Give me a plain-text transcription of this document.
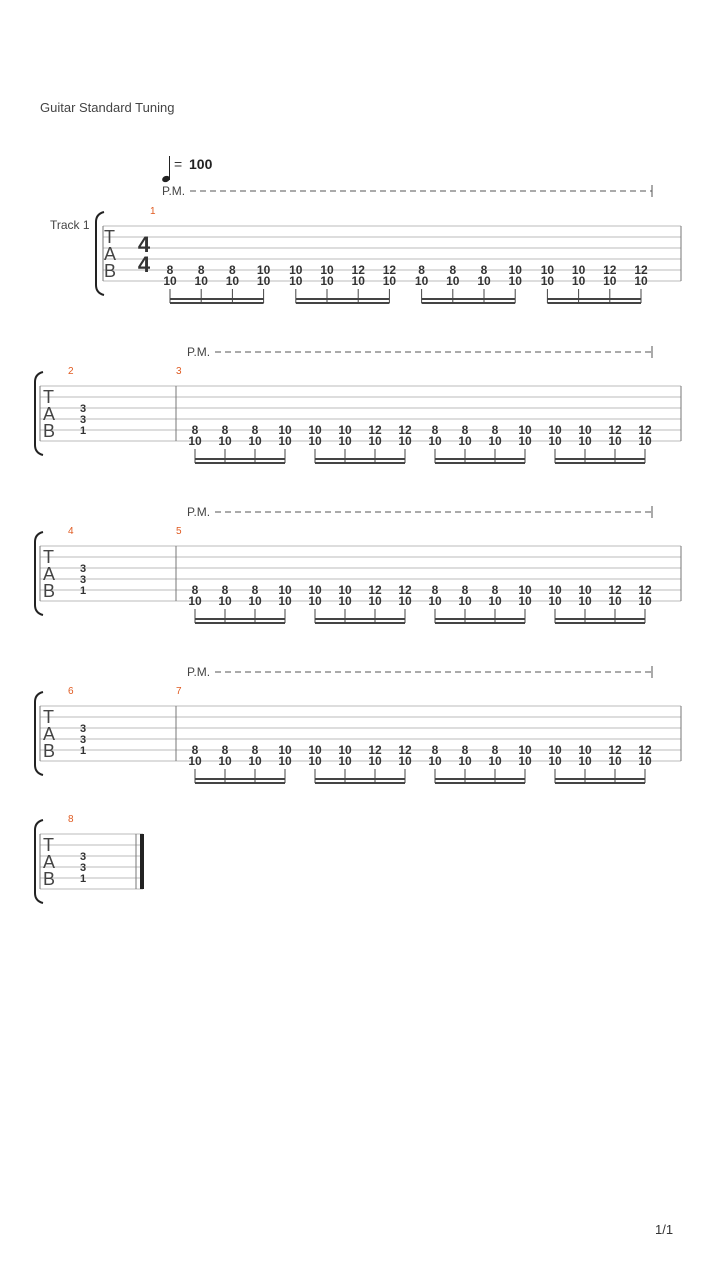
Guitar Standard Tuning
= 100
Track 1
T
A
B
4
4
1
P.M.
8
10
8
10
8
10
10
10
10
10
10
10
12
10
12
10
8
10
8
10
8
10
10
10
10
10
10
10
12
10
12
10
T
A
B
3
3
1
2	3
P.M.
8
10
8
10
8
10
10
10
10
10
10
10
12
10
12
10
8
10
8
10
8
10
10
10
10
10
10
10
12
10
12
10
T
A
B
3
3
1
4	5
P.M.
8
10
8
10
8
10
10
10
10
10
10
10
12
10
12
10
8
10
8
10
8
10
10
10
10
10
10
10
12
10
12
10
T
A
B
3
3
1
6	7
P.M.
8
10
8
10
8
10
10
10
10
10
10
10
12
10
12
10
8
10
8
10
8
10
10
10
10
10
10
10
12
10
12
10
T
A
B
3
3
1
8
1/1
